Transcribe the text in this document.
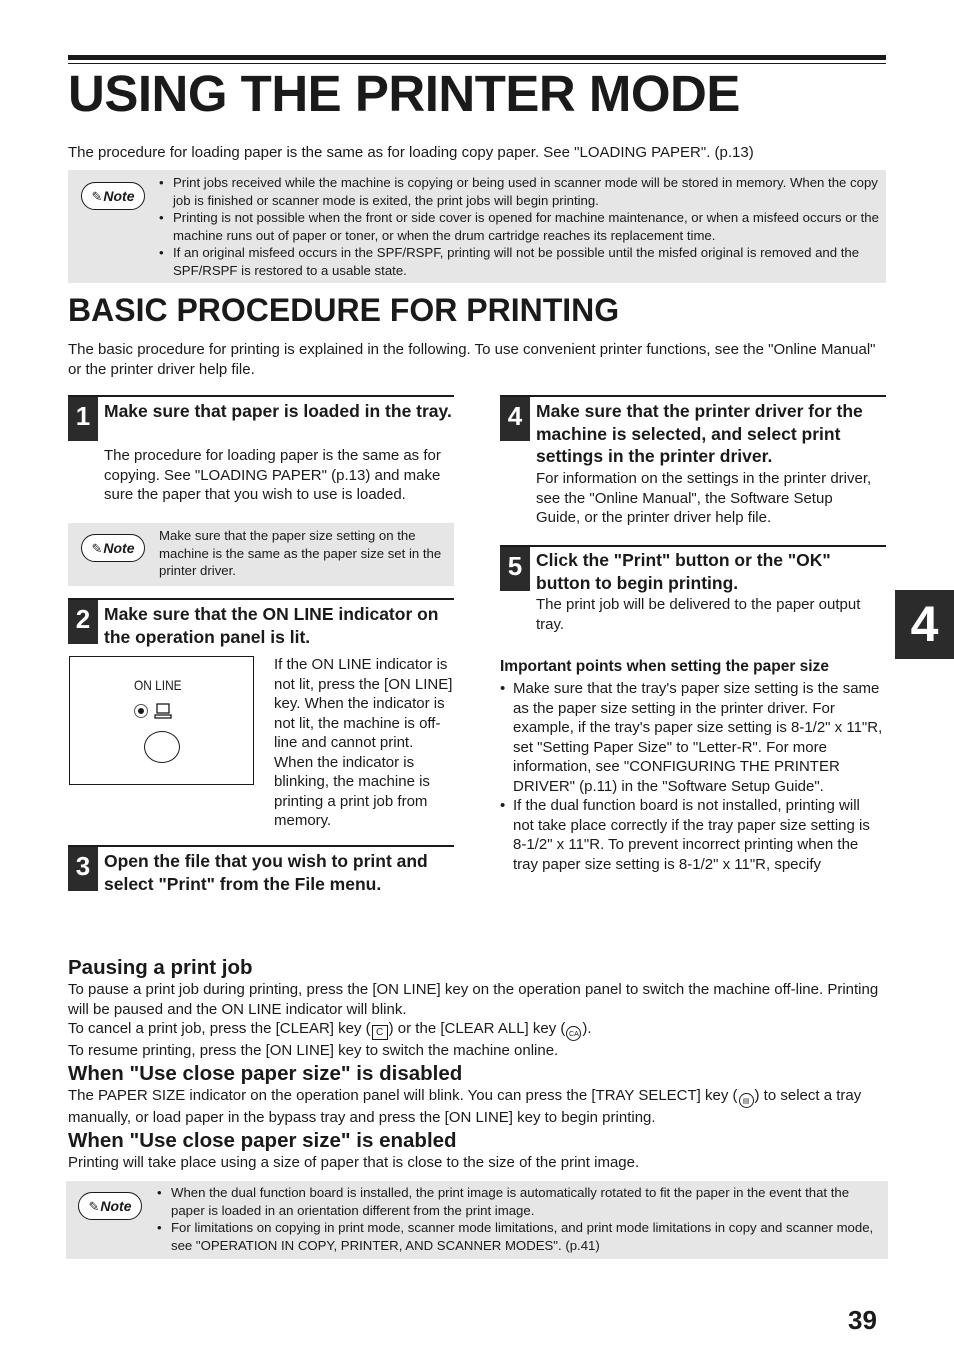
USING THE PRINTER MODE

The procedure for loading paper is the same as for loading copy paper. See "LOADING PAPER". (p.13)

✎ Note
• Print jobs received while the machine is copying or being used in scanner mode will be stored in memory. When the copy job is finished or scanner mode is exited, the print jobs will begin printing.
• Printing is not possible when the front or side cover is opened for machine maintenance, or when a misfeed occurs or the machine runs out of paper or toner, or when the drum cartridge reaches its replacement time.
• If an original misfeed occurs in the SPF/RSPF, printing will not be possible until the misfed original is removed and the SPF/RSPF is restored to a usable state.
BASIC PROCEDURE FOR PRINTING

The basic procedure for printing is explained in the following. To use convenient printer functions, see the "Online Manual" or the printer driver help file.

1 Make sure that paper is loaded in the tray.
The procedure for loading paper is the same as for copying. See "LOADING PAPER" (p.13) and make sure the paper that you wish to use is loaded.
✎ Note

Make sure that the paper size setting on the machine is the same as the paper size set in the printer driver.

2 Make sure that the ON LINE indicator on the operation panel is lit.
ON LINE
If the ON LINE indicator is not lit, press the [ON LINE] key. When the indicator is not lit, the machine is off-line and cannot print. When the indicator is blinking, the machine is printing a print job from memory.
3 Open the file that you wish to print and select "Print" from the File menu.
4 Make sure that the printer driver for the machine is selected, and select print settings in the printer driver.
For information on the settings in the printer driver, see the "Online Manual", the Software Setup Guide, or the printer driver help file.
5 Click the "Print" button or the "OK" button to begin printing.
The print job will be delivered to the paper output tray.
Important points when setting the paper size
• Make sure that the tray's paper size setting is the same as the paper size setting in the printer driver. For example, if the tray's paper size setting is 8-1/2" x 11"R, set "Setting Paper Size" to "Letter-R". For more information, see "CONFIGURING THE PRINTER DRIVER" (p.11) in the "Software Setup Guide".
• If the dual function board is not installed, printing will not take place correctly if the tray paper size setting is 8-1/2" x 11"R. To prevent incorrect printing when the tray paper size setting is 8-1/2" x 11"R, specify
4
Pausing a print job

To pause a print job during printing, press the [ON LINE] key on the operation panel to switch the machine off-line. Printing will be paused and the ON LINE indicator will blink.

To cancel a print job, press the [CLEAR] key ( C ) or the [CLEAR ALL] key ( CA ).

To resume printing, press the [ON LINE] key to switch the machine online.

When "Use close paper size" is disabled

The PAPER SIZE indicator on the operation panel will blink. You can press the [TRAY SELECT] key ( ▤ ) to select a tray manually, or load paper in the bypass tray and press the [ON LINE] key to begin printing.

When "Use close paper size" is enabled

Printing will take place using a size of paper that is close to the size of the print image.

✎ Note
• When the dual function board is installed, the print image is automatically rotated to fit the paper in the event that the paper is loaded in an orientation different from the print image.
• For limitations on copying in print mode, scanner mode limitations, and print mode limitations in copy and scanner mode, see "OPERATION IN COPY, PRINTER, AND SCANNER MODES". (p.41)
39
